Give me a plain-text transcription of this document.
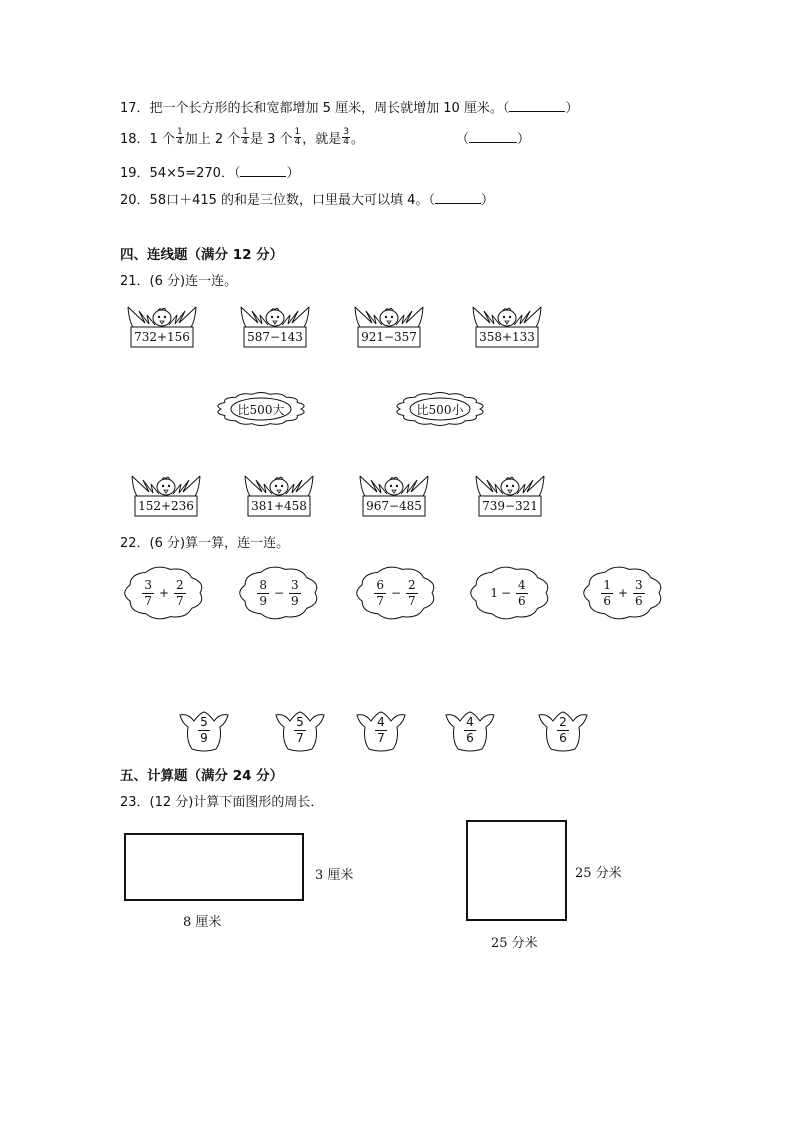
17．把一个长方形的长和宽都增加 5 厘米，周长就增加 10 厘米。（	）
18． 1 个 $\frac{1}{4}$ 加上 2 个 $\frac{1}{4}$ 是 3 个 $\frac{1}{4}$ ，就是 $\frac{3}{4}$ 。	（	）
19．54×5=270．（	）
20．58口＋415 的和是三位数，口里最大可以填 4。（	）
四、连线题（满分 12 分）
21．(6 分)连一连。
732+156	587−143	921−357	358+133
比500大	比500小
152+236	381+458	967−485	739−321
22．(6 分)算一算，连一连。
3
7
+ $\frac{2}{7}$	8
9
− $\frac{3}{9}$	6
7
− $\frac{2}{7}$	$1 - \frac{4}{6}$	1
6
+ $\frac{3}{6}$
5
9
5
7
4
7
4
6
2
6
五、计算题（满分 24 分）
23．(12 分)计算下面图形的周长．
3 厘米
8 厘米
25 分米
25 分米
